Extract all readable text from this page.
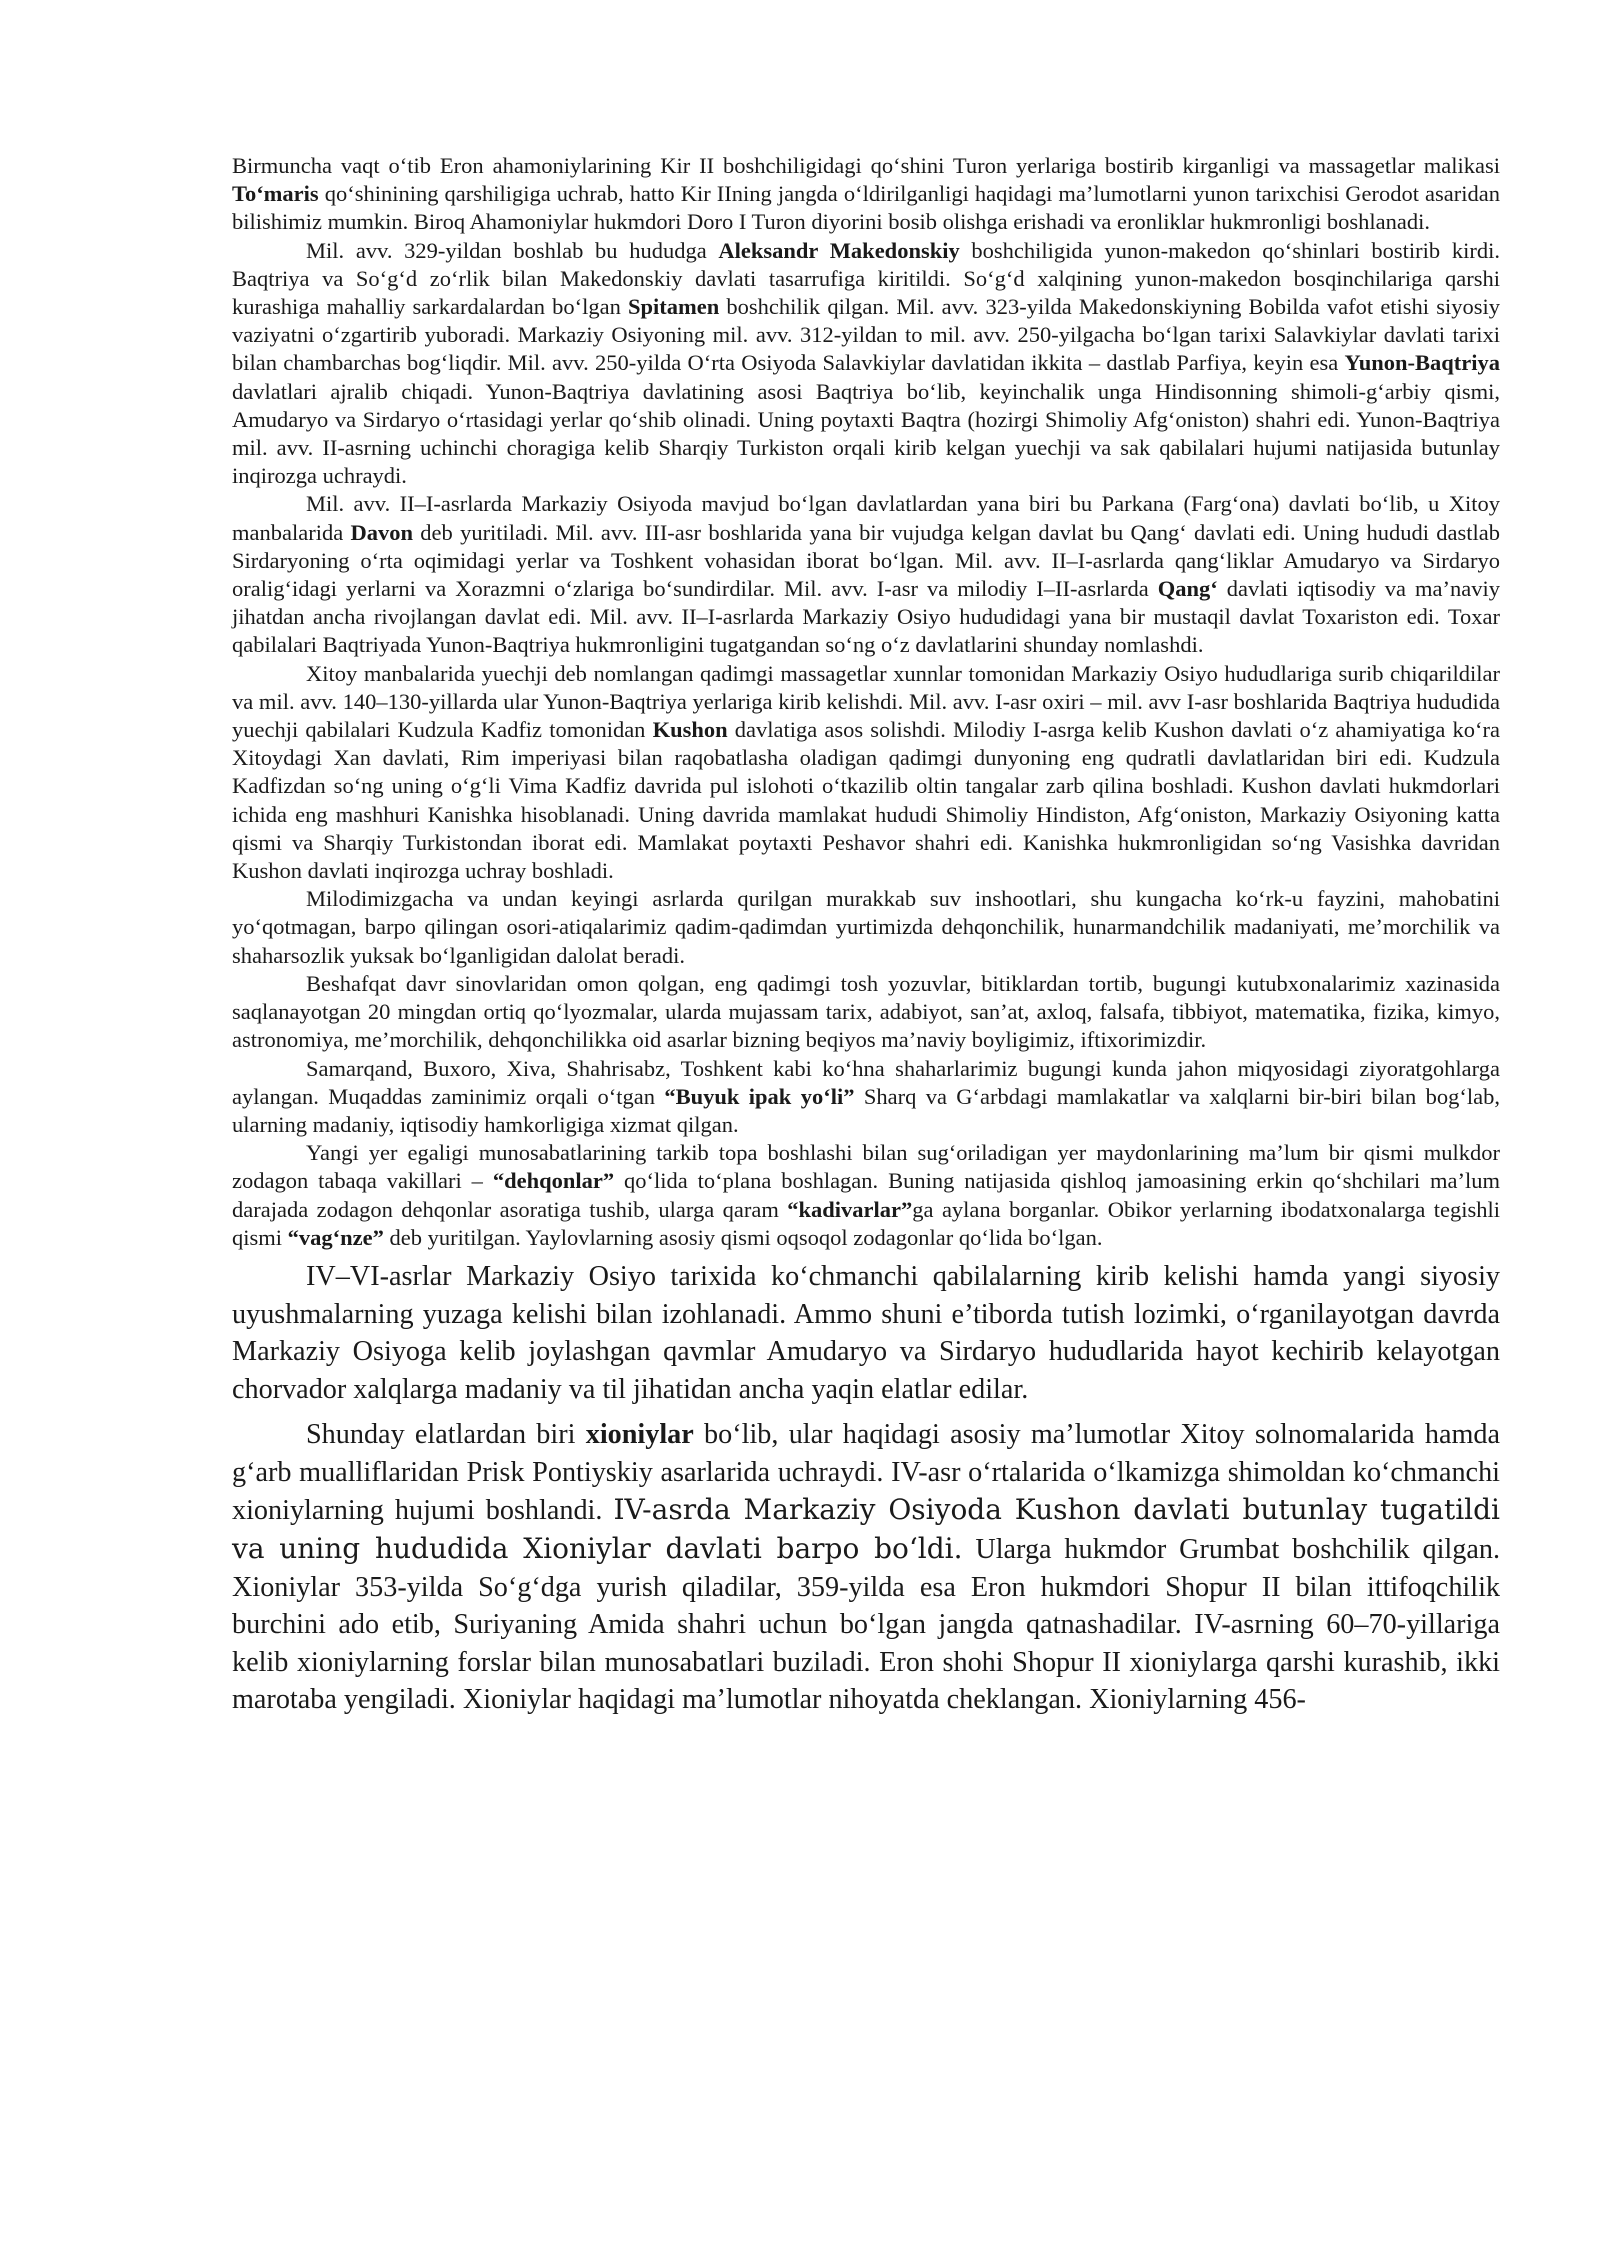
Birmuncha vaqt o‘tib Eron ahamoniylarining Kir II boshchiligidagi qo‘shini Turon yerlariga bostirib kirganligi va massagetlar malikasi To‘maris qo‘shinining qarshiligiga uchrab, hatto Kir IIning jangda o‘ldirilganligi haqidagi ma’lumotlarni yunon tarixchisi Gerodot asaridan bilishimiz mumkin. Biroq Ahamoniylar hukmdori Doro I Turon diyorini bosib olishga erishadi va eronliklar hukmronligi boshlanadi.

Mil. avv. 329-yildan boshlab bu hududga Aleksandr Makedonskiy boshchiligida yunon-makedon qo‘shinlari bostirib kirdi. Baqtriya va So‘g‘d zo‘rlik bilan Makedonskiy davlati tasarrufiga kiritildi. So‘g‘d xalqining yunon-makedon bosqinchilariga qarshi kurashiga mahalliy sarkardalardan bo‘lgan Spitamen boshchilik qilgan. Mil. avv. 323-yilda Makedonskiyning Bobilda vafot etishi siyosiy vaziyatni o‘zgartirib yuboradi. Markaziy Osiyoning mil. avv. 312-yildan to mil. avv. 250-yilgacha bo‘lgan tarixi Salavkiylar davlati tarixi bilan chambarchas bog‘liqdir. Mil. avv. 250-yilda O‘rta Osiyoda Salavkiylar davlatidan ikkita – dastlab Parfiya, keyin esa Yunon-Baqtriya davlatlari ajralib chiqadi. Yunon-Baqtriya davlatining asosi Baqtriya bo‘lib, keyinchalik unga Hindisonning shimoli-g‘arbiy qismi, Amudaryo va Sirdaryo o‘rtasidagi yerlar qo‘shib olinadi. Uning poytaxti Baqtra (hozirgi Shimoliy Afg‘oniston) shahri edi. Yunon-Baqtriya mil. avv. II-asrning uchinchi choragiga kelib Sharqiy Turkiston orqali kirib kelgan yuechji va sak qabilalari hujumi natijasida butunlay inqirozga uchraydi.

Mil. avv. II–I-asrlarda Markaziy Osiyoda mavjud bo‘lgan davlatlardan yana biri bu Parkana (Farg‘ona) davlati bo‘lib, u Xitoy manbalarida Davon deb yuritiladi. Mil. avv. III-asr boshlarida yana bir vujudga kelgan davlat bu Qang‘ davlati edi. Uning hududi dastlab Sirdaryoning o‘rta oqimidagi yerlar va Toshkent vohasidan iborat bo‘lgan. Mil. avv. II–I-asrlarda qang‘liklar Amudaryo va Sirdaryo oralig‘idagi yerlarni va Xorazmni o‘zlariga bo‘sundirdilar. Mil. avv. I-asr va milodiy I–II-asrlarda Qang‘ davlati iqtisodiy va ma’naviy jihatdan ancha rivojlangan davlat edi. Mil. avv. II–I-asrlarda Markaziy Osiyo hududidagi yana bir mustaqil davlat Toxariston edi. Toxar qabilalari Baqtriyada Yunon-Baqtriya hukmronligini tugatgandan so‘ng o‘z davlatlarini shunday nomlashdi.

Xitoy manbalarida yuechji deb nomlangan qadimgi massagetlar xunnlar tomonidan Markaziy Osiyo hududlariga surib chiqarildilar va mil. avv. 140–130-yillarda ular Yunon-Baqtriya yerlariga kirib kelishdi. Mil. avv. I-asr oxiri – mil. avv I-asr boshlarida Baqtriya hududida yuechji qabilalari Kudzula Kadfiz tomonidan Kushon davlatiga asos solishdi. Milodiy I-asrga kelib Kushon davlati o‘z ahamiyatiga ko‘ra Xitoydagi Xan davlati, Rim imperiyasi bilan raqobatlasha oladigan qadimgi dunyoning eng qudratli davlatlaridan biri edi. Kudzula Kadfizdan so‘ng uning o‘g‘li Vima Kadfiz davrida pul islohoti o‘tkazilib oltin tangalar zarb qilina boshladi. Kushon davlati hukmdorlari ichida eng mashhuri Kanishka hisoblanadi. Uning davrida mamlakat hududi Shimoliy Hindiston, Afg‘oniston, Markaziy Osiyoning katta qismi va Sharqiy Turkistondan iborat edi. Mamlakat poytaxti Peshavor shahri edi. Kanishka hukmronligidan so‘ng Vasishka davridan Kushon davlati inqirozga uchray boshladi.

Milodimizgacha va undan keyingi asrlarda qurilgan murakkab suv inshootlari, shu kungacha ko‘rk-u fayzini, mahobatini yo‘qotmagan, barpo qilingan osori-atiqalarimiz qadim-qadimdan yurtimizda dehqonchilik, hunarmandchilik madaniyati, me’morchilik va shaharsozlik yuksak bo‘lganligidan dalolat beradi.

Beshafqat davr sinovlaridan omon qolgan, eng qadimgi tosh yozuvlar, bitiklardan tortib, bugungi kutubxonalarimiz xazinasida saqlanayotgan 20 mingdan ortiq qo‘lyozmalar, ularda mujassam tarix, adabiyot, san’at, axloq, falsafa, tibbiyot, matematika, fizika, kimyo, astronomiya, me’morchilik, dehqonchilikka oid asarlar bizning beqiyos ma’naviy boyligimiz, iftixorimizdir.

Samarqand, Buxoro, Xiva, Shahrisabz, Toshkent kabi ko‘hna shaharlarimiz bugungi kunda jahon miqyosidagi ziyoratgohlarga aylangan. Muqaddas zaminimiz orqali o‘tgan “Buyuk ipak yo‘li” Sharq va G‘arbdagi mamlakatlar va xalqlarni bir-biri bilan bog‘lab, ularning madaniy, iqtisodiy hamkorligiga xizmat qilgan.

Yangi yer egaligi munosabatlarining tarkib topa boshlashi bilan sug‘oriladigan yer maydonlarining ma’lum bir qismi mulkdor zodagon tabaqa vakillari – “dehqonlar” qo‘lida to‘plana boshlagan. Buning natijasida qishloq jamoasining erkin qo‘shchilari ma’lum darajada zodagon dehqonlar asoratiga tushib, ularga qaram “kadivarlar”ga aylana borganlar. Obikor yerlarning ibodatxonalarga tegishli qismi “vag‘nze” deb yuritilgan. Yaylovlarning asosiy qismi oqsoqol zodagonlar qo‘lida bo‘lgan.

IV–VI-asrlar Markaziy Osiyo tarixida ko‘chmanchi qabilalarning kirib kelishi hamda yangi siyosiy uyushmalarning yuzaga kelishi bilan izohlanadi. Ammo shuni e’tiborda tutish lozimki, o‘rganilayotgan davrda Markaziy Osiyoga kelib joylashgan qavmlar Amudaryo va Sirdaryo hududlarida hayot kechirib kelayotgan chorvador xalqlarga madaniy va til jihatidan ancha yaqin elatlar edilar.

Shunday elatlardan biri xioniylar bo‘lib, ular haqidagi asosiy ma’lumotlar Xitoy solnomalarida hamda g‘arb mualliflaridan Prisk Pontiyskiy asarlarida uchraydi. IV-asr o‘rtalarida o‘lkamizga shimoldan ko‘chmanchi xioniylarning hujumi boshlandi. IV-asrda Markaziy Osiyoda Kushon davlati butunlay tugatildi va uning hududida Xioniylar davlati barpo bo‘ldi. Ularga hukmdor Grumbat boshchilik qilgan. Xioniylar 353-yilda So‘g‘dga yurish qiladilar, 359-yilda esa Eron hukmdori Shopur II bilan ittifoqchilik burchini ado etib, Suriyaning Amida shahri uchun bo‘lgan jangda qatnashadilar. IV-asrning 60–70-yillariga kelib xioniylarning forslar bilan munosabatlari buziladi. Eron shohi Shopur II xioniylarga qarshi kurashib, ikki marotaba yengiladi. Xioniylar haqidagi ma’lumotlar nihoyatda cheklangan. Xioniylarning 456-
